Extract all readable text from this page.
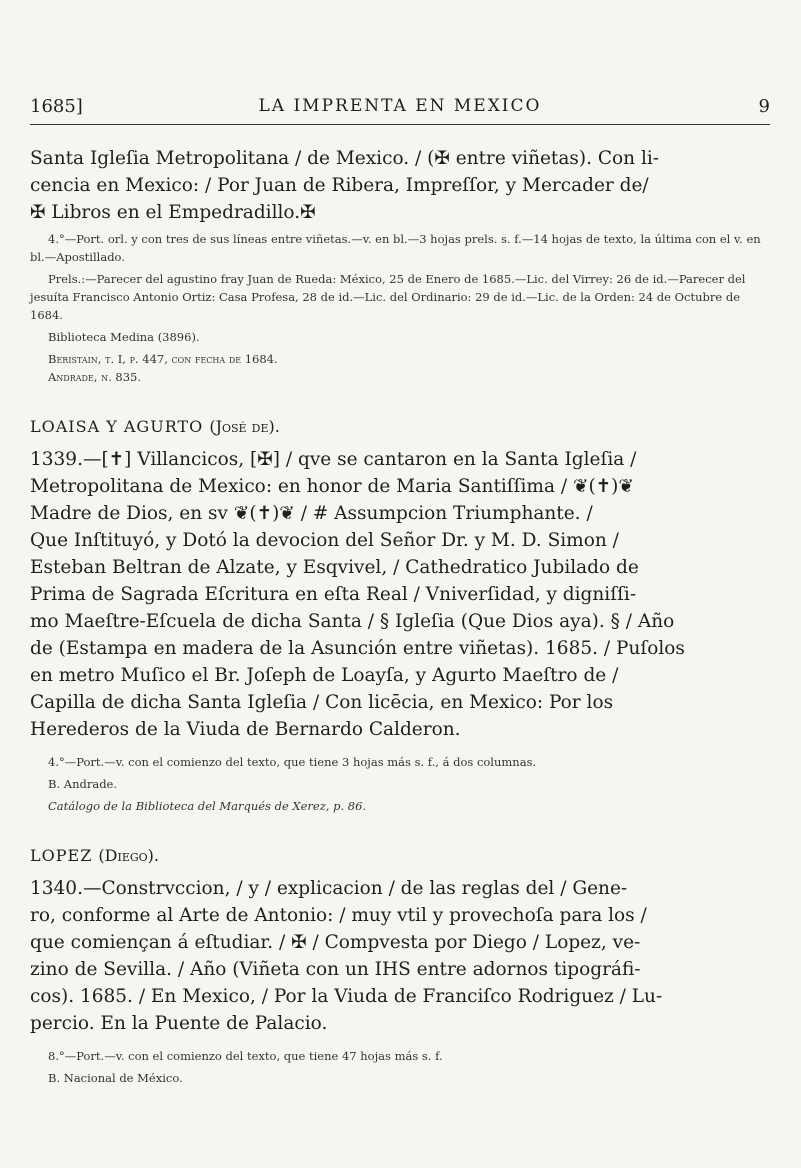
1685]	LA IMPRENTA EN MEXICO	9

Santa Igleſia Metropolitana / de Mexico. / (✠ entre viñetas). Con li-

cencia en Mexico: / Por Juan de Ribera, Impreſſor, y Mercader de/

✠ Libros en el Empedradillo.✠

4.°—Port. orl. y con tres de sus líneas entre viñetas.—v. en bl.—3 hojas prels. s. f.—14 hojas de texto, la última con el v. en bl.—Apostillado.

Prels.:—Parecer del agustino fray Juan de Rueda: México, 25 de Enero de 1685.—Lic. del Virrey: 26 de id.—Parecer del jesuíta Francisco Antonio Ortiz: Casa Profesa, 28 de id.—Lic. del Ordinario: 29 de id.—Lic. de la Orden: 24 de Octubre de 1684.

Biblioteca Medina (3896).

Beristain, t. I, p. 447, con fecha de 1684.

Andrade, n. 835.

LOAISA Y AGURTO (José de).

1339.—[✝] Villancicos, [✠] / qve se cantaron en la Santa Igleſia /

Metropolitana de Mexico: en honor de Maria Santiſſima / ❦(✝)❦

Madre de Dios, en sv ❦(✝)❦ / # Assumpcion Triumphante. /

Que Inſtituyó, y Dotó la devocion del Señor Dr. y M. D. Simon /

Esteban Beltran de Alzate, y Esqvivel, / Cathedratico Jubilado de

Prima de Sagrada Eſcritura en eſta Real / Vniverſidad, y digniſſi-

mo Maeſtre-Eſcuela de dicha Santa / § Igleſia (Que Dios aya). § / Año

de (Estampa en madera de la Asunción entre viñetas). 1685. / Puſolos

en metro Muſico el Br. Joſeph de Loayſa, y Agurto Maeſtro de /

Capilla de dicha Santa Igleſia / Con licēcia, en Mexico: Por los

Herederos de la Viuda de Bernardo Calderon.

4.°—Port.—v. con el comienzo del texto, que tiene 3 hojas más s. f., á dos columnas.

B. Andrade.

Catálogo de la Biblioteca del Marqués de Xerez, p. 86.

LOPEZ (Diego).

1340.—Constrvccion, / y / explicacion / de las reglas del / Gene-

ro, conforme al Arte de Antonio: / muy vtil y provechoſa para los /

que comiençan á eſtudiar. / ✠ / Compvesta por Diego / Lopez, ve-

zino de Sevilla. / Año (Viñeta con un IHS entre adornos tipográfi-

cos). 1685. / En Mexico, / Por la Viuda de Franciſco Rodriguez / Lu-

percio. En la Puente de Palacio.

8.°—Port.—v. con el comienzo del texto, que tiene 47 hojas más s. f.

B. Nacional de México.
